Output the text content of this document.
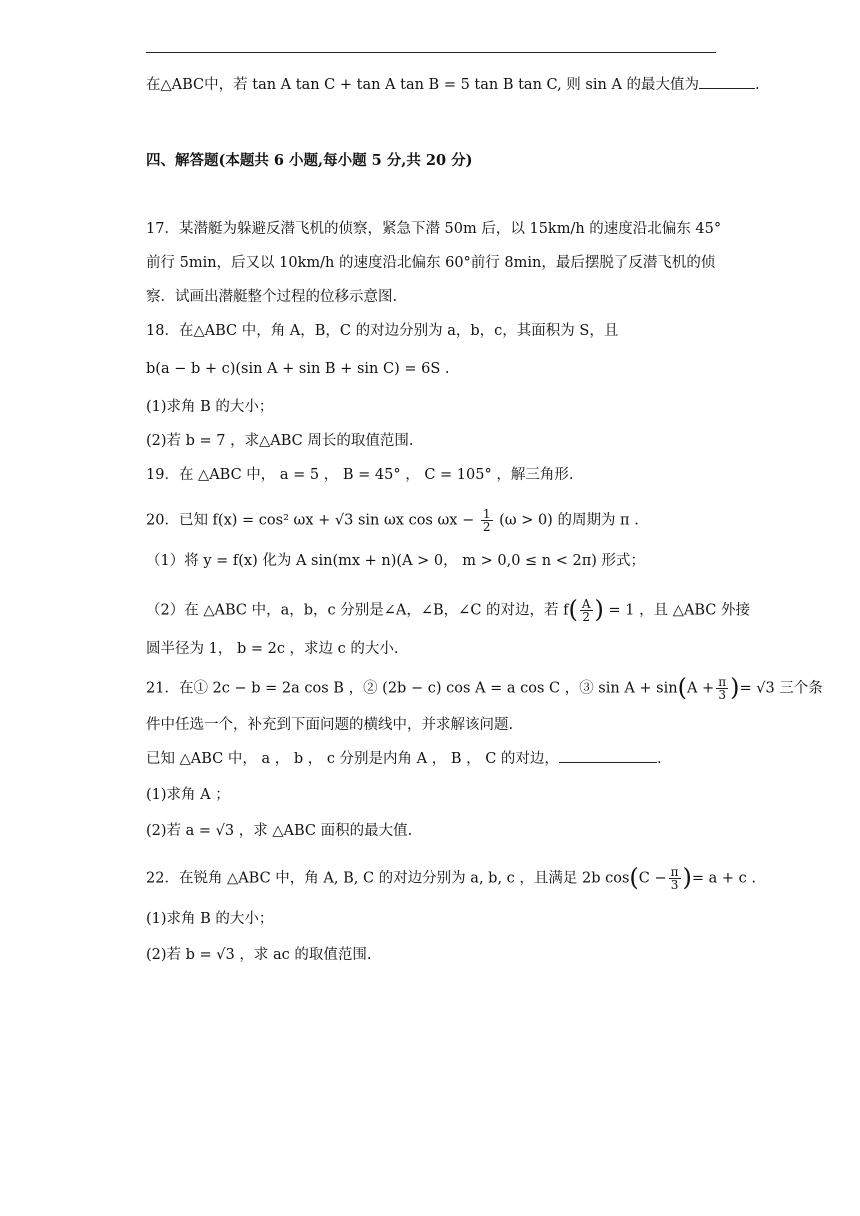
在△ABC中，若 tan A tan C + tan A tan B = 5 tan B tan C, 则 sin A 的最大值为	.
四、解答题(本题共 6 小题,每小题 5 分,共 20 分)
17．某潜艇为躲避反潜飞机的侦察，紧急下潜 50m 后，以 15km/h 的速度沿北偏东 45°
前行 5min，后又以 10km/h 的速度沿北偏东 60°前行 8min，最后摆脱了反潜飞机的侦
察．试画出潜艇整个过程的位移示意图.
18．在△ABC 中，角 A，B，C 的对边分别为 a，b，c，其面积为 S，且
b(a − b + c)(sin A + sin B + sin C) = 6S .
(1)求角 B 的大小；
(2)若 b = 7 ，求△ABC 周长的取值范围.
19．在 △ABC 中， a = 5 ， B = 45° ， C = 105° ，解三角形.
20．已知 f(x) = cos² ωx + √3 sin ωx $\cos \omega x - \frac{1}{2} (\omega > 0)$ 的周期为 π .
（1）将 y = f(x) 化为 A sin(mx + n)(A > 0， m > 0,0 ≤ n < 2π) 形式；
（2）在 △ABC 中，a，b，c 分别是∠A，∠B，∠C 的对边，若 $f( \frac{A}{2}$ ) = 1 ，且 △ABC 外接
圆半径为 1， b = 2c ，求边 c 的大小.
21．在① 2c − b = 2a cos B ，② (2b − c) cos A = a cos C ，③ $\sin A + \sin(A + \frac{\pi}{3}$ )= √3 三个条
件中任选一个，补充到下面问题的横线中，并求解该问题.
已知 △ABC 中， a ， b ， c 分别是内角 A ， B ， C 的对边，	.
(1)求角 A ；
(2)若 a = √3 ，求 △ABC 面积的最大值.
22．在锐角 △ABC 中，角 A, B, C 的对边分别为 a, b, c ，且满足 2b $\cos(C - \frac{\pi}{3}$ )= a + c .
(1)求角 B 的大小；
(2)若 b = √3 ，求 ac 的取值范围.
